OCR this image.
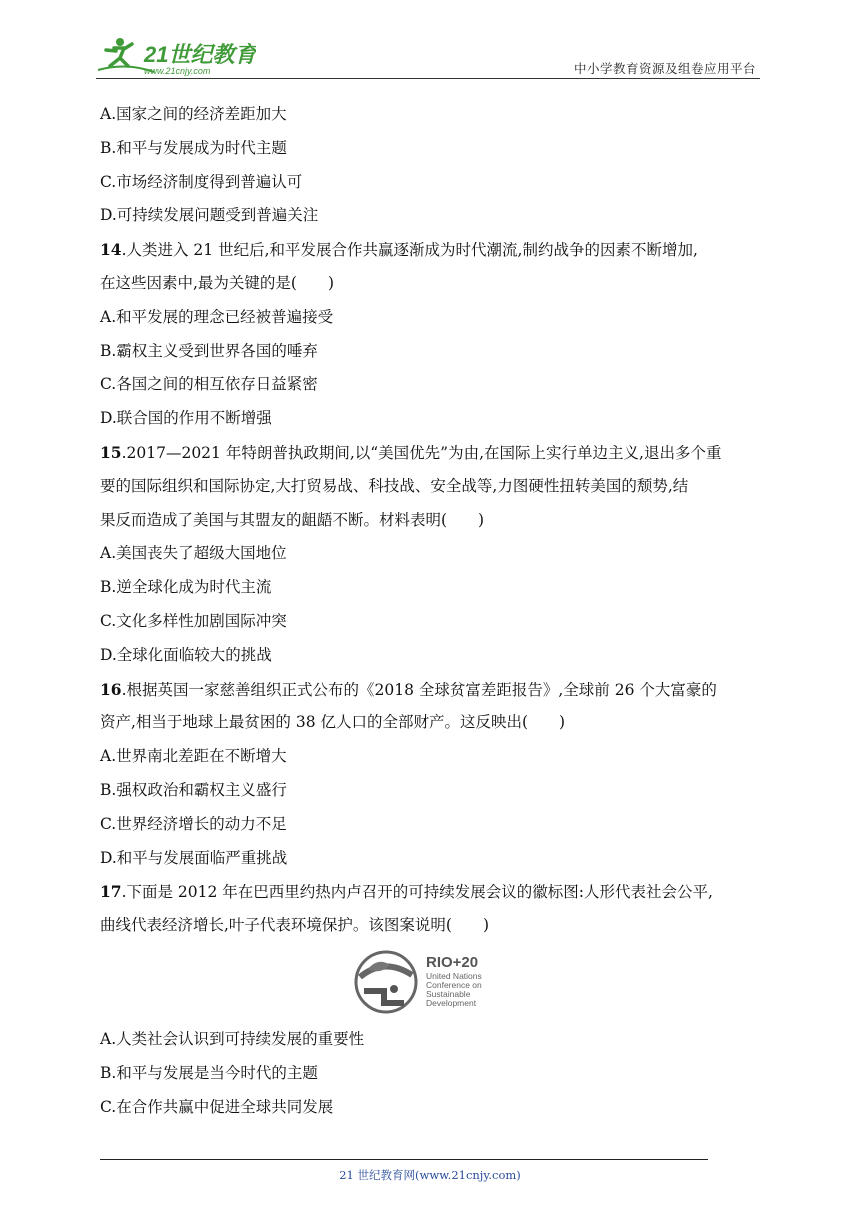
21世纪教育
www.21cnjy.com	中小学教育资源及组卷应用平台
A.国家之间的经济差距加大
B.和平与发展成为时代主题
C.市场经济制度得到普遍认可
D.可持续发展问题受到普遍关注
14.人类进入 21 世纪后,和平发展合作共赢逐渐成为时代潮流,制约战争的因素不断增加,
在这些因素中,最为关键的是(　　)
A.和平发展的理念已经被普遍接受
B.霸权主义受到世界各国的唾弃
C.各国之间的相互依存日益紧密
D.联合国的作用不断增强
15.2017—2021 年特朗普执政期间,以“美国优先”为由,在国际上实行单边主义,退出多个重
要的国际组织和国际协定,大打贸易战、科技战、安全战等,力图硬性扭转美国的颓势,结
果反而造成了美国与其盟友的龃龉不断。材料表明(　　)
A.美国丧失了超级大国地位
B.逆全球化成为时代主流
C.文化多样性加剧国际冲突
D.全球化面临较大的挑战
16.根据英国一家慈善组织正式公布的《2018 全球贫富差距报告》,全球前 26 个大富豪的
资产,相当于地球上最贫困的 38 亿人口的全部财产。这反映出(　　)
A.世界南北差距在不断增大
B.强权政治和霸权主义盛行
C.世界经济增长的动力不足
D.和平与发展面临严重挑战
17.下面是 2012 年在巴西里约热内卢召开的可持续发展会议的徽标图:人形代表社会公平,
曲线代表经济增长,叶子代表环境保护。该图案说明(　　)
RIO+20
United Nations
Conference on
Sustainable
Development
A.人类社会认识到可持续发展的重要性
B.和平与发展是当今时代的主题
C.在合作共赢中促进全球共同发展
21 世纪教育网(www.21cnjy.com)
